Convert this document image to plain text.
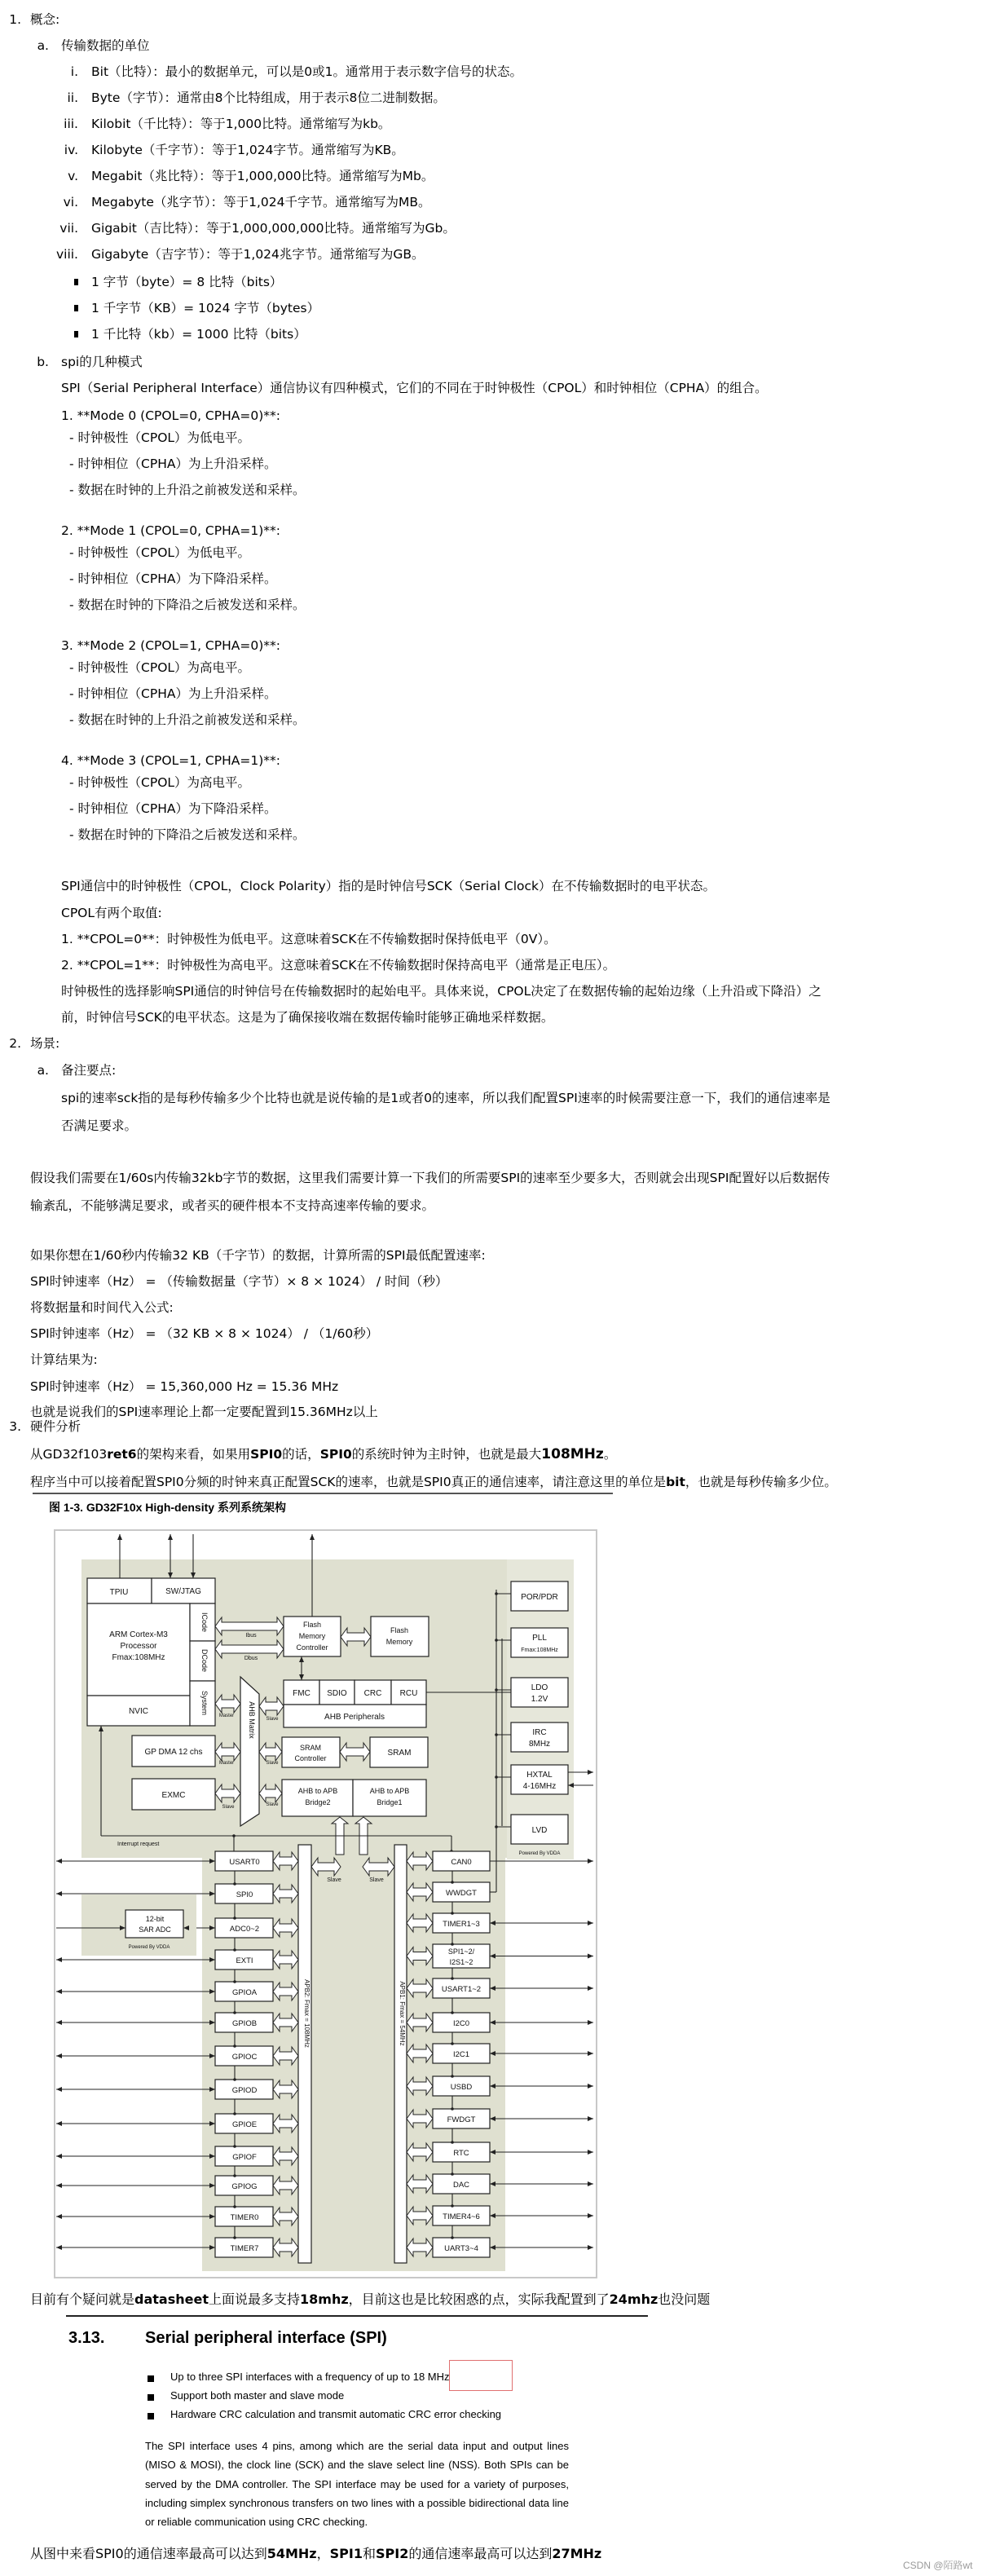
1. 概念:
a. 传输数据的单位
b. spi的几种模式
SPI（Serial Peripheral Interface）通信协议有四种模式，它们的不同在于时钟极性（CPOL）和时钟相位（CPHA）的组合。
SPI通信中的时钟极性（CPOL，Clock Polarity）指的是时钟信号SCK（Serial Clock）在不传输数据时的电平状态。
CPOL有两个取值:
1. **CPOL=0**：时钟极性为低电平。这意味着SCK在不传输数据时保持低电平（0V）。
2. **CPOL=1**：时钟极性为高电平。这意味着SCK在不传输数据时保持高电平（通常是正电压）。
时钟极性的选择影响SPI通信的时钟信号在传输数据时的起始电平。具体来说，CPOL决定了在数据传输的起始边缘（上升沿或下降沿）之
前，时钟信号SCK的电平状态。这是为了确保接收端在数据传输时能够正确地采样数据。
2. 场景:
a. 备注要点:
spi的速率sck指的是每秒传输多少个比特也就是说传输的是1或者0的速率，所以我们配置SPI速率的时候需要注意一下，我们的通信速率是
否满足要求。
假设我们需要在1/60s内传输32kb字节的数据，这里我们需要计算一下我们的所需要SPI的速率至少要多大，否则就会出现SPI配置好以后数据传
输紊乱，不能够满足要求，或者买的硬件根本不支持高速率传输的要求。
3. 硬件分析
从GD32f103ret6的架构来看，如果用SPI0的话，SPI0的系统时钟为主时钟，也就是最大108MHz。
程序当中可以接着配置SPI0分频的时钟来真正配置SCK的速率，也就是SPI0真正的通信速率，请注意这里的单位是bit，也就是每秒传输多少位。
图 1-3. GD32F10x High-density 系列系统架构
TPIU	SW/JTAG
ARM Cortex-M3
Processor
Fmax:108MHz
NVIC
ICode
DCode
System
Ibus
Dbus
Flash
Memory
Controller
Flash
Memory
AHB Matrix
Master
Slave
FMC SDIO CRC RCU
AHB Peripherals
SRAM
Controller
SRAM
Slave
GP DMA 12 chs
Master
EXMC
Slave	Slave
AHB to APB
Bridge2
AHB to APB
Bridge1
Slave	Slave
Interrupt request
POR/PDR
PLL
Fmax:108MHz
LDO
1.2V
IRC
8MHz
HXTAL
4-16MHz
LVD
Powered By VDDA
APB2: Fmax = 108MHz	APB1: Fmax = 54MHz
USART0
SPI0
ADC0~2
EXTI
GPIOA
GPIOB
GPIOC
GPIOD
GPIOE
GPIOF
GPIOG
TIMER0
TIMER7
12-bit
SAR ADC
Powered By VDDA
CAN0
WWDGT
TIMER1~3
SPI1~2/
I2S1~2
USART1~2
I2C0
I2C1
USBD
FWDGT
RTC
DAC
TIMER4~6
UART3~4
目前有个疑问就是datasheet上面说最多支持18mhz，目前这也是比较困惑的点，实际我配置到了24mhz也没问题
3.13. Serial peripheral interface (SPI)
Up to three SPI interfaces with a frequency of up to 18 MHz
Support both master and slave mode
Hardware CRC calculation and transmit automatic CRC error checking
The SPI interface uses 4 pins, among which are the serial data input and output lines (MISO & MOSI), the clock line (SCK) and the slave select line (NSS). Both SPIs can be served by the DMA controller. The SPI interface may be used for a variety of purposes, including simplex synchronous transfers on two lines with a possible bidirectional data line or reliable communication using CRC checking.
从图中来看SPI0的通信速率最高可以达到54MHz，SPI1和SPI2的通信速率最高可以达到27MHz
CSDN @陌路wt
i. Bit（比特）：最小的数据单元，可以是0或1。通常用于表示数字信号的状态。
ii. Byte（字节）：通常由8个比特组成，用于表示8位二进制数据。
iii. Kilobit（千比特）：等于1,000比特。通常缩写为kb。
iv. Kilobyte（千字节）：等于1,024字节。通常缩写为KB。
v. Megabit（兆比特）：等于1,000,000比特。通常缩写为Mb。
vi. Megabyte（兆字节）：等于1,024千字节。通常缩写为MB。
vii. Gigabit（吉比特）：等于1,000,000,000比特。通常缩写为Gb。
viii. Gigabyte（吉字节）：等于1,024兆字节。通常缩写为GB。
1 字节（byte）= 8 比特（bits）
1 千字节（KB）= 1024 字节（bytes）
1 千比特（kb）= 1000 比特（bits）
1. **Mode 0 (CPOL=0, CPHA=0)**:
- 时钟极性（CPOL）为低电平。
- 时钟相位（CPHA）为上升沿采样。
- 数据在时钟的上升沿之前被发送和采样。
2. **Mode 1 (CPOL=0, CPHA=1)**:
- 时钟极性（CPOL）为低电平。
- 时钟相位（CPHA）为下降沿采样。
- 数据在时钟的下降沿之后被发送和采样。
3. **Mode 2 (CPOL=1, CPHA=0)**:
- 时钟极性（CPOL）为高电平。
- 时钟相位（CPHA）为上升沿采样。
- 数据在时钟的上升沿之前被发送和采样。
4. **Mode 3 (CPOL=1, CPHA=1)**:
- 时钟极性（CPOL）为高电平。
- 时钟相位（CPHA）为下降沿采样。
- 数据在时钟的下降沿之后被发送和采样。
如果你想在1/60秒内传输32 KB（千字节）的数据，计算所需的SPI最低配置速率:
SPI时钟速率（Hz） = （传输数据量（字节）× 8 × 1024） / 时间（秒）
将数据量和时间代入公式:
SPI时钟速率（Hz） = （32 KB × 8 × 1024） / （1/60秒）
计算结果为:
SPI时钟速率（Hz） = 15,360,000 Hz = 15.36 MHz
也就是说我们的SPI速率理论上都一定要配置到15.36MHz以上
